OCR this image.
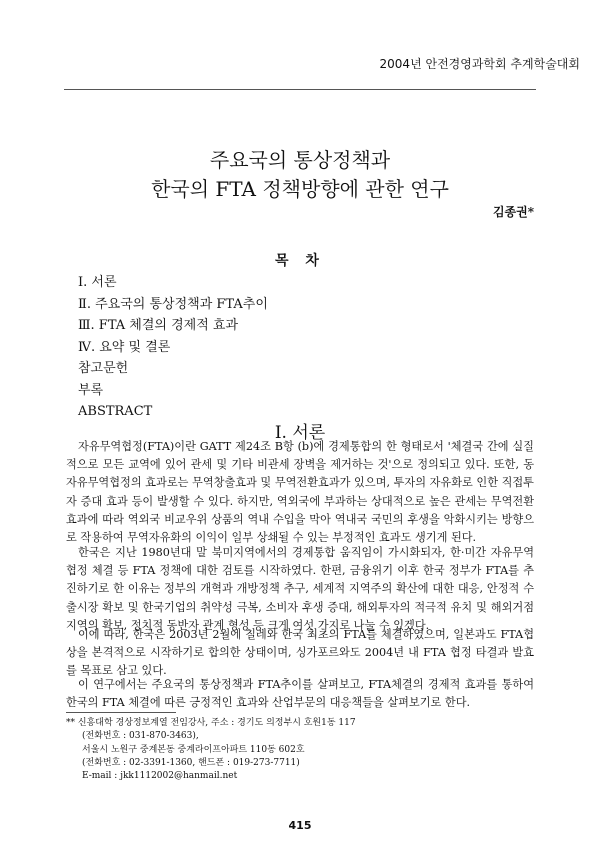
2004년 안전경영과학회 추계학술대회
주요국의 통상정책과
한국의 FTA 정책방향에 관한 연구
김종권*
목 차
Ⅰ. 서론
Ⅱ. 주요국의 통상정책과 FTA추이
Ⅲ. FTA 체결의 경제적 효과
Ⅳ. 요약 및 결론
참고문헌
부록
ABSTRACT
Ⅰ. 서론

자유무역협정(FTA)이란 GATT 제24조 B항 (b)에 경제통합의 한 형태로서 '체결국 간에 실질적으로 모든 교역에 있어 관세 및 기타 비관세 장벽을 제거하는 것'으로 정의되고 있다. 또한, 동 자유무역협정의 효과로는 무역창출효과 및 무역전환효과가 있으며, 투자의 자유화로 인한 직접투자 증대 효과 등이 발생할 수 있다. 하지만, 역외국에 부과하는 상대적으로 높은 관세는 무역전환효과에 따라 역외국 비교우위 상품의 역내 수입을 막아 역내국 국민의 후생을 악화시키는 방향으로 작용하여 무역자유화의 이익이 일부 상쇄될 수 있는 부정적인 효과도 생기게 된다.

한국은 지난 1980년대 말 북미지역에서의 경제통합 움직임이 가시화되자, 한·미간 자유무역협정 체결 등 FTA 정책에 대한 검토를 시작하였다. 한편, 금융위기 이후 한국 정부가 FTA를 추진하기로 한 이유는 정부의 개혁과 개방정책 추구, 세계적 지역주의 확산에 대한 대응, 안정적 수출시장 확보 및 한국기업의 취약성 극복, 소비자 후생 증대, 해외투자의 적극적 유치 및 해외거점지역의 확보, 정치적 동반자 관계 형성 등 크게 여섯 가지로 나눌 수 있겠다.

이에 따라, 한국은 2003년 2월에 칠레와 한국 최초의 FTA를 체결하였으며, 일본과도 FTA협상을 본격적으로 시작하기로 합의한 상태이며, 싱가포르와도 2004년 내 FTA 협정 타결과 발효를 목표로 삼고 있다.

이 연구에서는 주요국의 통상정책과 FTA추이를 살펴보고, FTA체결의 경제적 효과를 통하여 한국의 FTA 체결에 따른 긍정적인 효과와 산업부문의 대응책들을 살펴보기로 한다.

** 신흥대학 경상정보계열 전임강사, 주소 : 경기도 의정부시 호원1동 117
(전화번호 : 031-870-3463),
서울시 노원구 중계본동 중계라이프아파트 110동 602호
(전화번호 : 02-3391-1360, 핸드폰 : 019-273-7711)
E-mail : jkk1112002@hanmail.net
415
